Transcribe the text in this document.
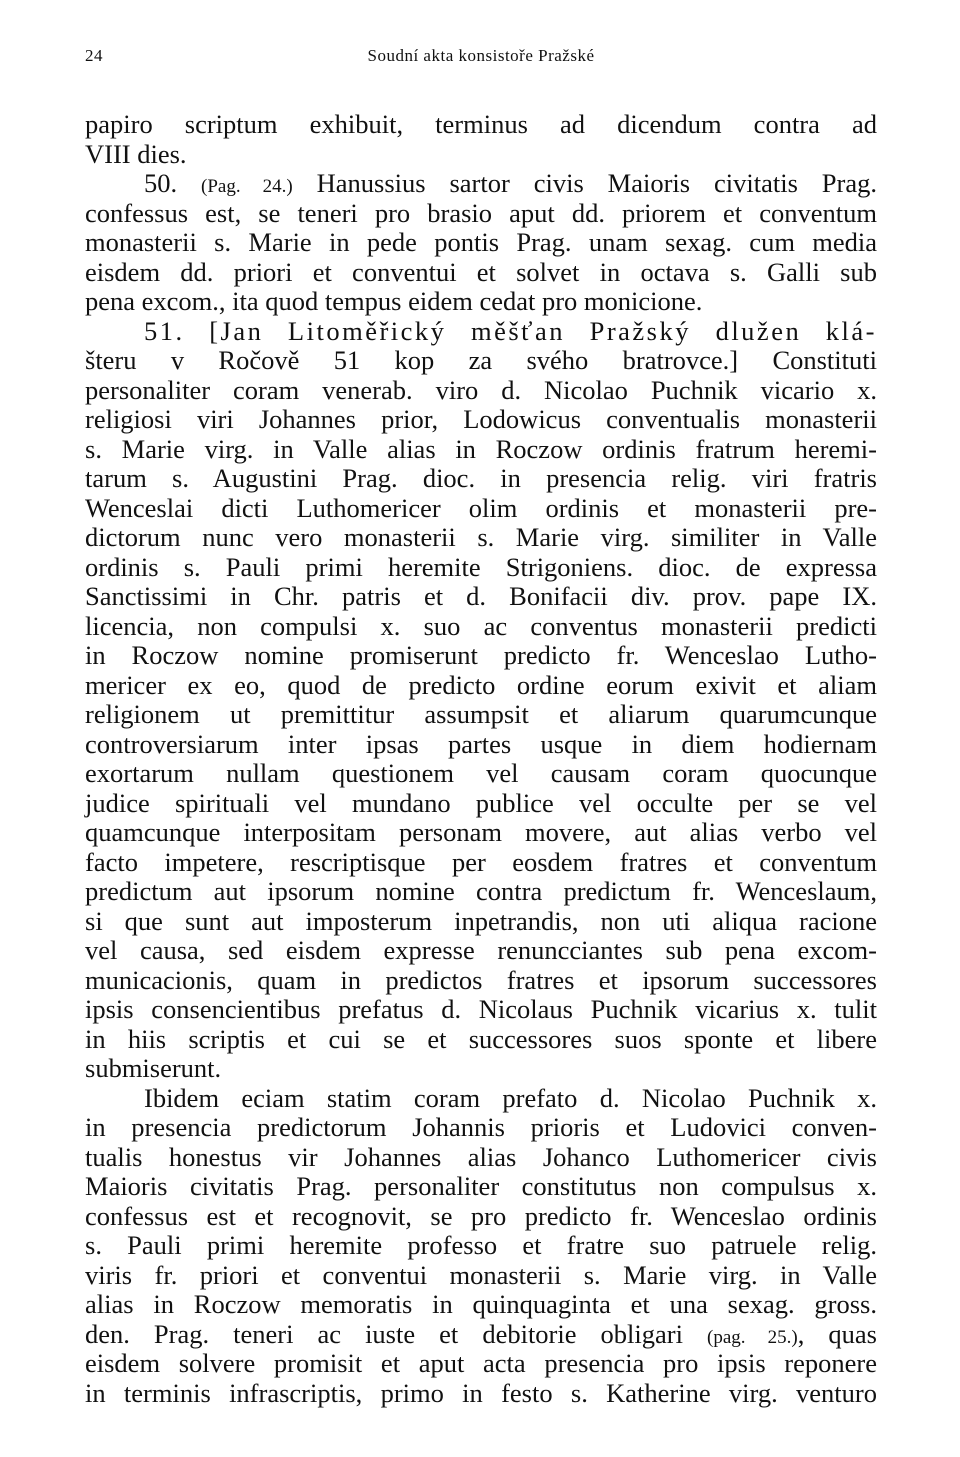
24	Soudní akta konsistoře Pražské
papiro scriptum exhibuit, terminus ad dicendum contra ad
VIII dies.
50. (Pag. 24.) Hanussius sartor civis Maioris civitatis Prag.
confessus est, se teneri pro brasio aput dd. priorem et conventum
monasterii s. Marie in pede pontis Prag. unam sexag. cum media
eisdem dd. priori et conventui et solvet in octava s. Galli sub
pena excom., ita quod tempus eidem cedat pro monicione.
51. [Jan Litoměřický měšťan Pražský dlužen klá-
šteru v Ročově 51 kop za svého bratrovce.] Constituti
personaliter coram venerab. viro d. Nicolao Puchnik vicario x.
religiosi viri Johannes prior, Lodowicus conventualis monasterii
s. Marie virg. in Valle alias in Roczow ordinis fratrum heremi-
tarum s. Augustini Prag. dioc. in presencia relig. viri fratris
Wenceslai dicti Luthomericer olim ordinis et monasterii pre-
dictorum nunc vero monasterii s. Marie virg. similiter in Valle
ordinis s. Pauli primi heremite Strigoniens. dioc. de expressa
Sanctissimi in Chr. patris et d. Bonifacii div. prov. pape IX.
licencia, non compulsi x. suo ac conventus monasterii predicti
in Roczow nomine promiserunt predicto fr. Wenceslao Lutho-
mericer ex eo, quod de predicto ordine eorum exivit et aliam
religionem ut premittitur assumpsit et aliarum quarumcunque
controversiarum inter ipsas partes usque in diem hodiernam
exortarum nullam questionem vel causam coram quocunque
judice spirituali vel mundano publice vel occulte per se vel
quamcunque interpositam personam movere, aut alias verbo vel
facto impetere, rescriptisque per eosdem fratres et conventum
predictum aut ipsorum nomine contra predictum fr. Wenceslaum,
si que sunt aut imposterum inpetrandis, non uti aliqua racione
vel causa, sed eisdem expresse renuncciantes sub pena excom-
municacionis, quam in predictos fratres et ipsorum successores
ipsis consencientibus prefatus d. Nicolaus Puchnik vicarius x. tulit
in hiis scriptis et cui se et successores suos sponte et libere
submiserunt.
Ibidem eciam statim coram prefato d. Nicolao Puchnik x.
in presencia predictorum Johannis prioris et Ludovici conven-
tualis honestus vir Johannes alias Johanco Luthomericer civis
Maioris civitatis Prag. personaliter constitutus non compulsus x.
confessus est et recognovit, se pro predicto fr. Wenceslao ordinis
s. Pauli primi heremite professo et fratre suo patruele relig.
viris fr. priori et conventui monasterii s. Marie virg. in Valle
alias in Roczow memoratis in quinquaginta et una sexag. gross.
den. Prag. teneri ac iuste et debitorie obligari (pag. 25.), quas
eisdem solvere promisit et aput acta presencia pro ipsis reponere
in terminis infrascriptis, primo in festo s. Katherine virg. venturo
